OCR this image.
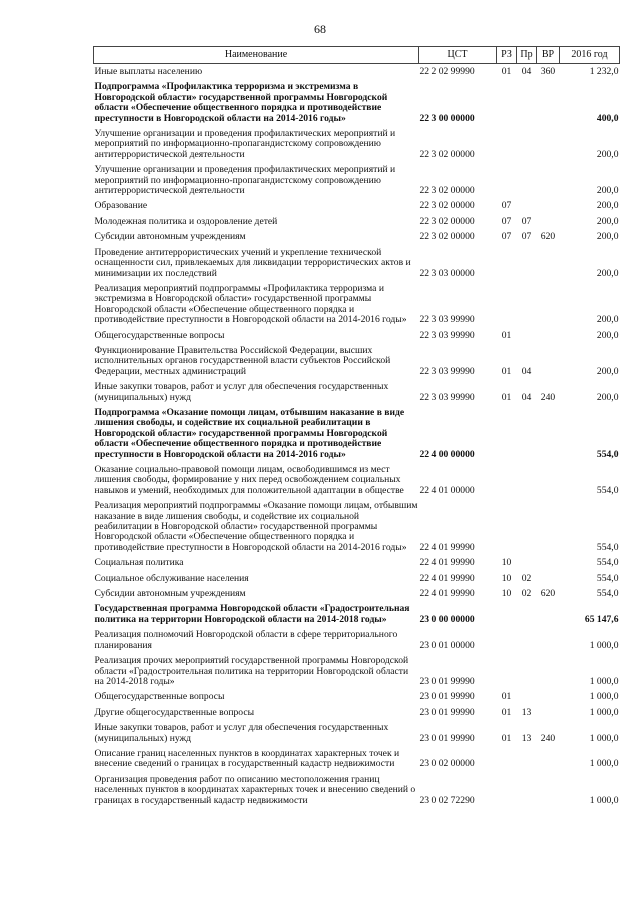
68
Наименование	ЦСТ	РЗ	Пр	ВР	2016 год
Иные выплаты населению	22 2 02 99990	01	04	360	1 232,0
Подпрограмма «Профилактика терроризма и экстремизма в Новгородской области» государственной программы Новгородской области «Обеспечение общественного порядка и противодействие преступности в Новгородской области на 2014-2016 годы»	22 3 00 00000				400,0
Улучшение организации и проведения профилактических мероприятий и мероприятий по информационно-пропагандистскому сопровождению антитеррористической деятельности	22 3 02 00000				200,0
Улучшение организации и проведения профилактических мероприятий и мероприятий по информационно-пропагандистскому сопровождению антитеррористической деятельности	22 3 02 00000				200,0
Образование	22 3 02 00000	07			200,0
Молодежная политика и оздоровление детей	22 3 02 00000	07	07		200,0
Субсидии автономным учреждениям	22 3 02 00000	07	07	620	200,0
Проведение антитеррористических учений и укрепление технической оснащенности сил, привлекаемых для ликвидации террористических актов и минимизации их последствий	22 3 03 00000				200,0
Реализация мероприятий подпрограммы «Профилактика терроризма и экстремизма в Новгородской области» государственной программы Новгородской области «Обеспечение общественного порядка и противодействие преступности в Новгородской области на 2014-2016 годы»	22 3 03 99990				200,0
Общегосударственные вопросы	22 3 03 99990	01			200,0
Функционирование Правительства Российской Федерации, высших исполнительных органов государственной власти субъектов Российской Федерации, местных администраций	22 3 03 99990	01	04		200,0
Иные закупки товаров, работ и услуг для обеспечения государственных (муниципальных) нужд	22 3 03 99990	01	04	240	200,0
Подпрограмма «Оказание помощи лицам, отбывшим наказание в виде лишения свободы, и содействие их социальной реабилитации в Новгородской области» государственной программы Новгородской области «Обеспечение общественного порядка и противодействие преступности в Новгородской области на 2014-2016 годы»	22 4 00 00000				554,0
Оказание социально-правовой помощи лицам, освободившимся из мест лишения свободы, формирование у них перед освобождением социальных навыков и умений, необходимых для положительной адаптации в обществе	22 4 01 00000				554,0
Реализация мероприятий подпрограммы «Оказание помощи лицам, отбывшим наказание в виде лишения свободы, и содействие их социальной реабилитации в Новгородской области» государственной программы Новгородской области «Обеспечение общественного порядка и противодействие преступности в Новгородской области на 2014-2016 годы»	22 4 01 99990				554,0
Социальная политика	22 4 01 99990	10			554,0
Социальное обслуживание населения	22 4 01 99990	10	02		554,0
Субсидии автономным учреждениям	22 4 01 99990	10	02	620	554,0
Государственная программа Новгородской области «Градостроительная политика на территории Новгородской области на 2014-2018 годы»	23 0 00 00000				65 147,6
Реализация полномочий Новгородской области в сфере территориального планирования	23 0 01 00000				1 000,0
Реализация прочих мероприятий государственной программы Новгородской области «Градостроительная политика на территории Новгородской области на 2014-2018 годы»	23 0 01 99990				1 000,0
Общегосударственные вопросы	23 0 01 99990	01			1 000,0
Другие общегосударственные вопросы	23 0 01 99990	01	13		1 000,0
Иные закупки товаров, работ и услуг для обеспечения государственных (муниципальных) нужд	23 0 01 99990	01	13	240	1 000,0
Описание границ населенных пунктов в координатах характерных точек и внесение сведений о границах в государственный кадастр недвижимости	23 0 02 00000				1 000,0
Организация проведения работ по описанию местоположения границ населенных пунктов в координатах характерных точек и внесению сведений о границах в государственный кадастр недвижимости	23 0 02 72290				1 000,0
